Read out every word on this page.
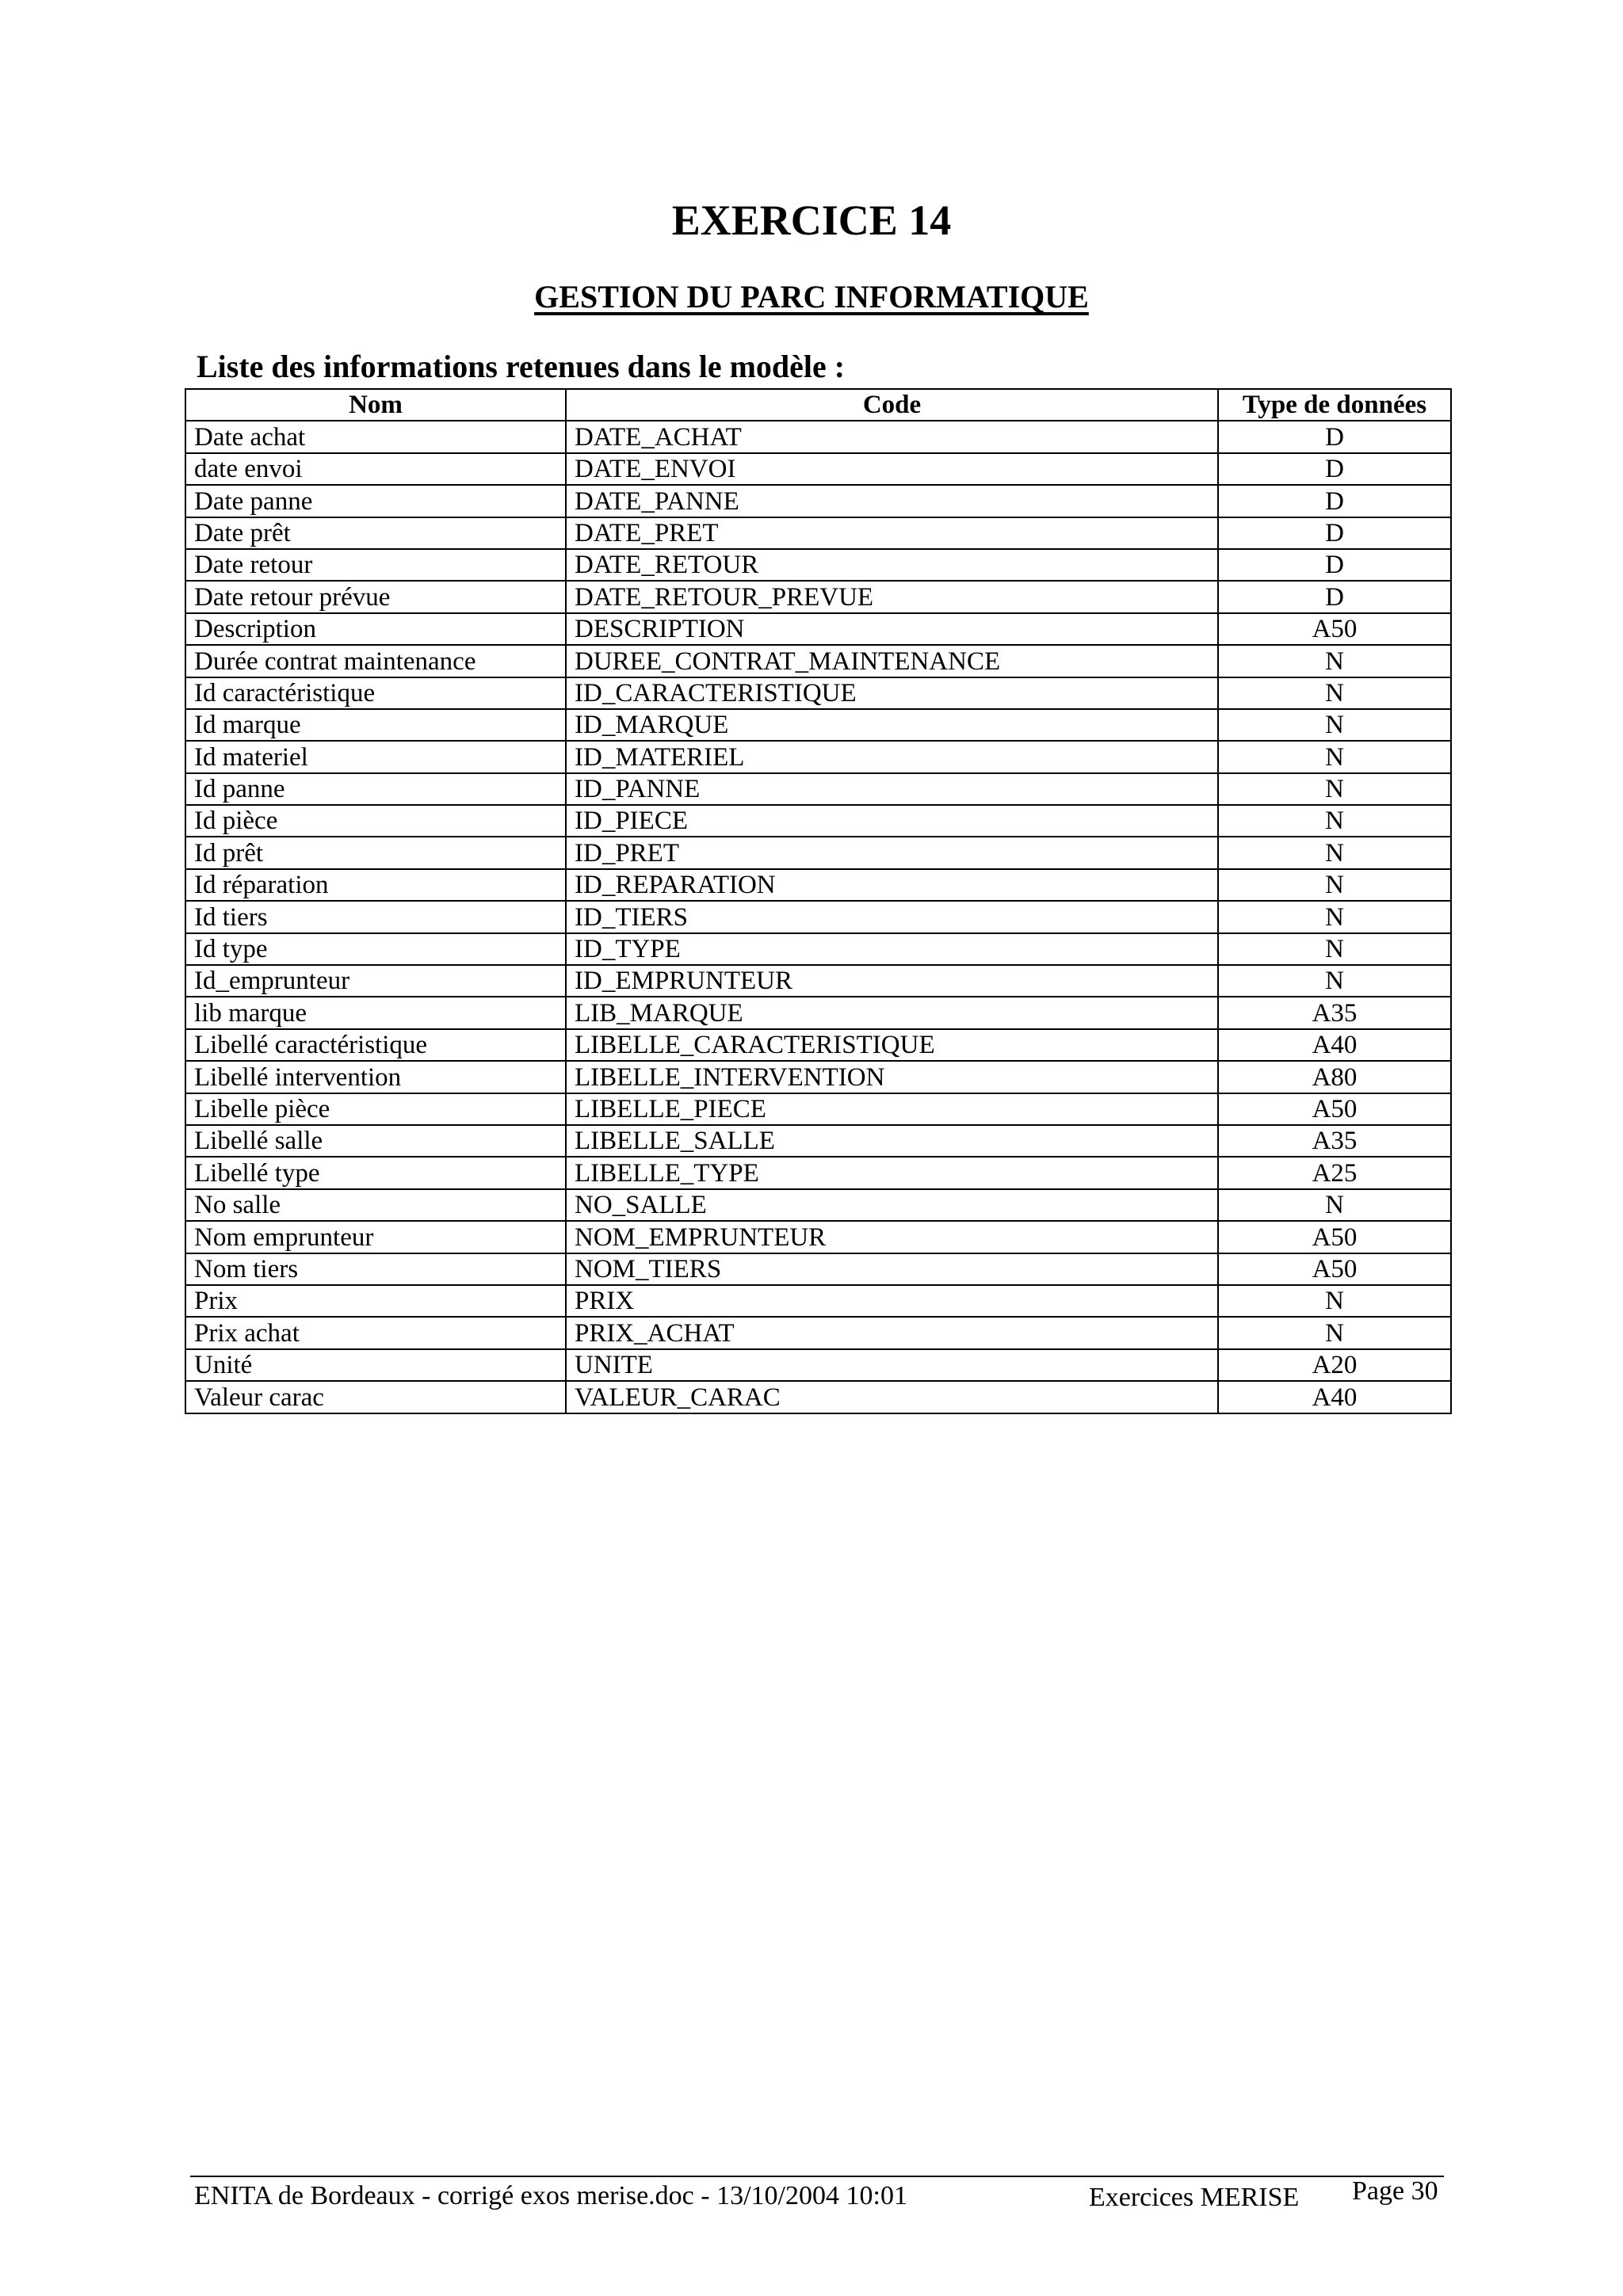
EXERCICE 14
GESTION DU PARC INFORMATIQUE
Liste des informations retenues dans le modèle :
Nom	Code	Type de données
Date achat	DATE_ACHAT	D
date envoi	DATE_ENVOI	D
Date panne	DATE_PANNE	D
Date prêt	DATE_PRET	D
Date retour	DATE_RETOUR	D
Date retour prévue	DATE_RETOUR_PREVUE	D
Description	DESCRIPTION	A50
Durée contrat maintenance	DUREE_CONTRAT_MAINTENANCE	N
Id caractéristique	ID_CARACTERISTIQUE	N
Id marque	ID_MARQUE	N
Id materiel	ID_MATERIEL	N
Id panne	ID_PANNE	N
Id pièce	ID_PIECE	N
Id prêt	ID_PRET	N
Id réparation	ID_REPARATION	N
Id tiers	ID_TIERS	N
Id type	ID_TYPE	N
Id_emprunteur	ID_EMPRUNTEUR	N
lib marque	LIB_MARQUE	A35
Libellé caractéristique	LIBELLE_CARACTERISTIQUE	A40
Libellé intervention	LIBELLE_INTERVENTION	A80
Libelle pièce	LIBELLE_PIECE	A50
Libellé salle	LIBELLE_SALLE	A35
Libellé type	LIBELLE_TYPE	A25
No salle	NO_SALLE	N
Nom emprunteur	NOM_EMPRUNTEUR	A50
Nom tiers	NOM_TIERS	A50
Prix	PRIX	N
Prix achat	PRIX_ACHAT	N
Unité	UNITE	A20
Valeur carac	VALEUR_CARAC	A40
ENITA de Bordeaux - corrigé exos merise.doc - 13/10/2004 10:01	Exercices MERISE Page 30
